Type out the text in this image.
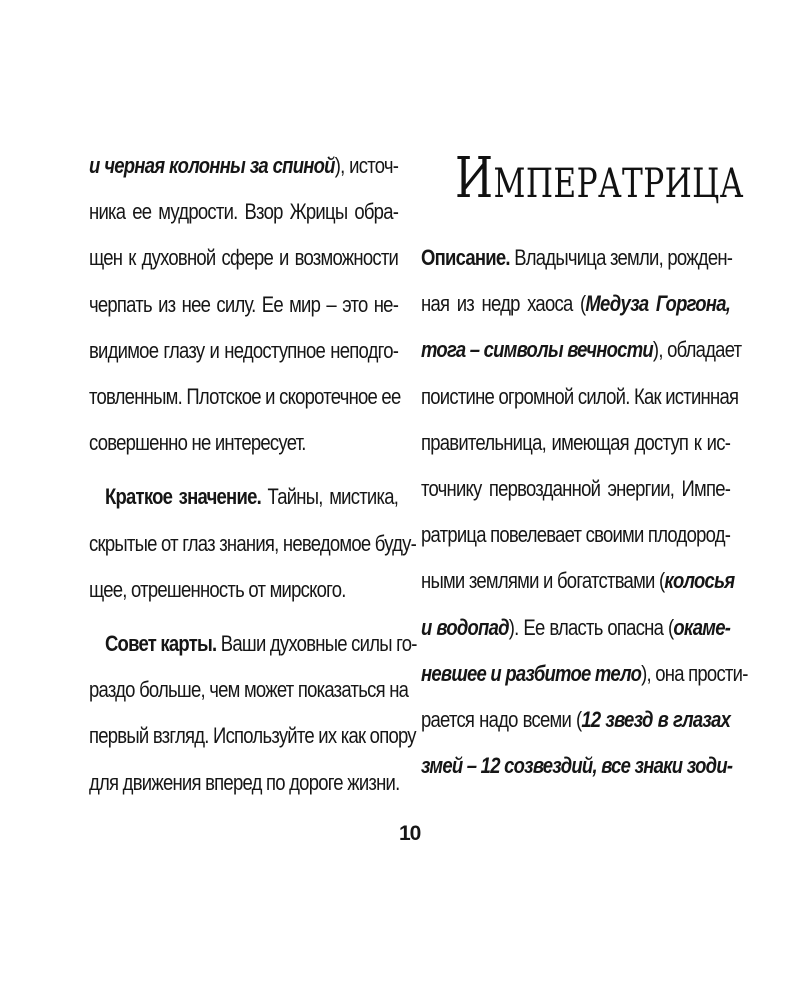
и черная колонны за спиной), источ-
ника ее мудрости. Взор Жрицы обра-
щен к духовной сфере и возможности
черпать из нее силу. Ее мир – это не-
видимое глазу и недоступное неподго-
товленным. Плотское и скоротечное ее
совершенно не интересует.
Краткое значение. Тайны, мистика,
скрытые от глаз знания, неведомое буду-
щее, отрешенность от мирского.
Совет карты. Ваши духовные силы го-
раздо больше, чем может показаться на
первый взгляд. Используйте их как опору
для движения вперед по дороге жизни.
ИМПЕРАТРИЦА
Описание. Владычица земли, рожден-
ная из недр хаоса (Медуза Горгона,
тога – символы вечности), обладает
поистине огромной силой. Как истинная
правительница, имеющая доступ к ис-
точнику первозданной энергии, Импе-
ратрица повелевает своими плодород-
ными землями и богатствами (колосья
и водопад). Ее власть опасна (окаме-
невшее и разбитое тело), она прости-
рается надо всеми (12 звезд в глазах
змей – 12 созвездий, все знаки зоди-
10
